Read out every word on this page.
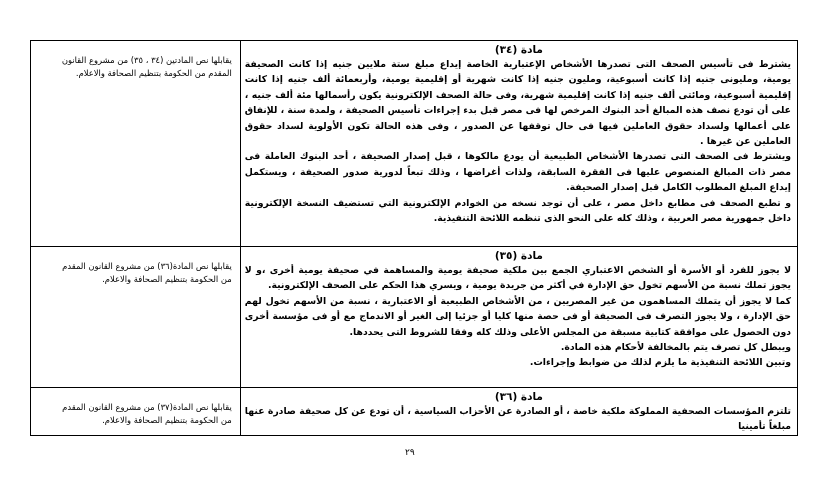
مادة (٣٤)

يشترط فى تأسيس الصحف التى تصدرها الأشخاص الإعتبارية الخاصة إيداع مبلغ ستة ملايين جنيه إذا كانت الصحيفة يومية، ومليونى جنيه إذا كانت أسبوعية، ومليون جنيه إذا كانت شهرية أو إقليمية يومية، وأربعمائة ألف جنيه إذا كانت إقليمية أسبوعية، ومائتى ألف جنيه إذا كانت إقليمية شهرية، وفى حالة الصحف الإلكترونية يكون رأسمالها مئة ألف جنيه ، على أن تودع نصف هذه المبالغ أحد البنوك المرخص لها فى مصر قبل بدء إجراءات تأسيس الصحيفة ، ولمدة سنة ، للإنفاق على أعمالها ولسداد حقوق العاملين فيها فى حال توقفها عن الصدور ، وفى هذه الحالة تكون الأولوية لسداد حقوق العاملين عن غيرها .

ويشترط فى الصحف التى تصدرها الأشخاص الطبيعية أن يودع مالكوها ، قبل إصدار الصحيفة ، أحد البنوك العاملة فى مصر ذات المبالغ المنصوص عليها فى الفقرة السابقة، ولذات أغراضها ، وذلك تبعاً لدورية صدور الصحيفة ، ويستكمل إيداع المبلغ المطلوب الكامل قبل إصدار الصحيفة.

و تطبع الصحف فى مطابع داخل مصر ، على أن توجد نسخه من الخوادم الإلكترونية التي تستضيف النسخة الإلكترونية داخل جمهورية مصر العربية ، وذلك كله على النحو الذى تنظمه اللائحة التنفيذية.	يقابلها نص المادتين (٣٤ ، ٣٥) من مشروع القانون المقدم من الحكومة بتنظيم الصحافة والاعلام.

مادة (٣٥)

لا يجوز للفرد أو الأسرة أو الشخص الاعتباري الجمع بين ملكية صحيفة يومية والمساهمة في صحيفة يومية أخرى ،و لا يجوز تملك نسبة من الأسهم تخول حق الإدارة في أكثر من جريدة يومية ، ويسري هذا الحكم على الصحف الإلكترونية.

كما لا يجوز أن يتملك المساهمون من غير المصريين ، من الأشخاص الطبيعية أو الاعتبارية ، نسبة من الأسهم تخول لهم حق الإدارة ، ولا يجوز التصرف فى الصحيفة أو فى حصة منها كليا أو جزئيا إلى الغير أو الاندماج مع أو فى مؤسسة أخرى دون الحصول على موافقة كتابية مسبقة من المجلس الأعلى وذلك كله وفقا للشروط التى يحددها.

ويبطل كل تصرف يتم بالمخالفة لأحكام هذه المادة.

وتبين اللائحة التنفيذية ما يلزم لذلك من ضوابط وإجراءات.	يقابلها نص المادة(٣٦) من مشروع القانون المقدم من الحكومة بتنظيم الصحافة والاعلام.

مادة (٣٦)

تلتزم المؤسسات الصحفية المملوكة ملكية خاصة ، أو الصادرة عن الأحزاب السياسية ، أن تودع عن كل صحيفة صادرة عنها مبلغاً تأمينيا	يقابلها نص المادة(٣٧) من مشروع القانون المقدم من الحكومة بتنظيم الصحافة والاعلام.

٢٩
